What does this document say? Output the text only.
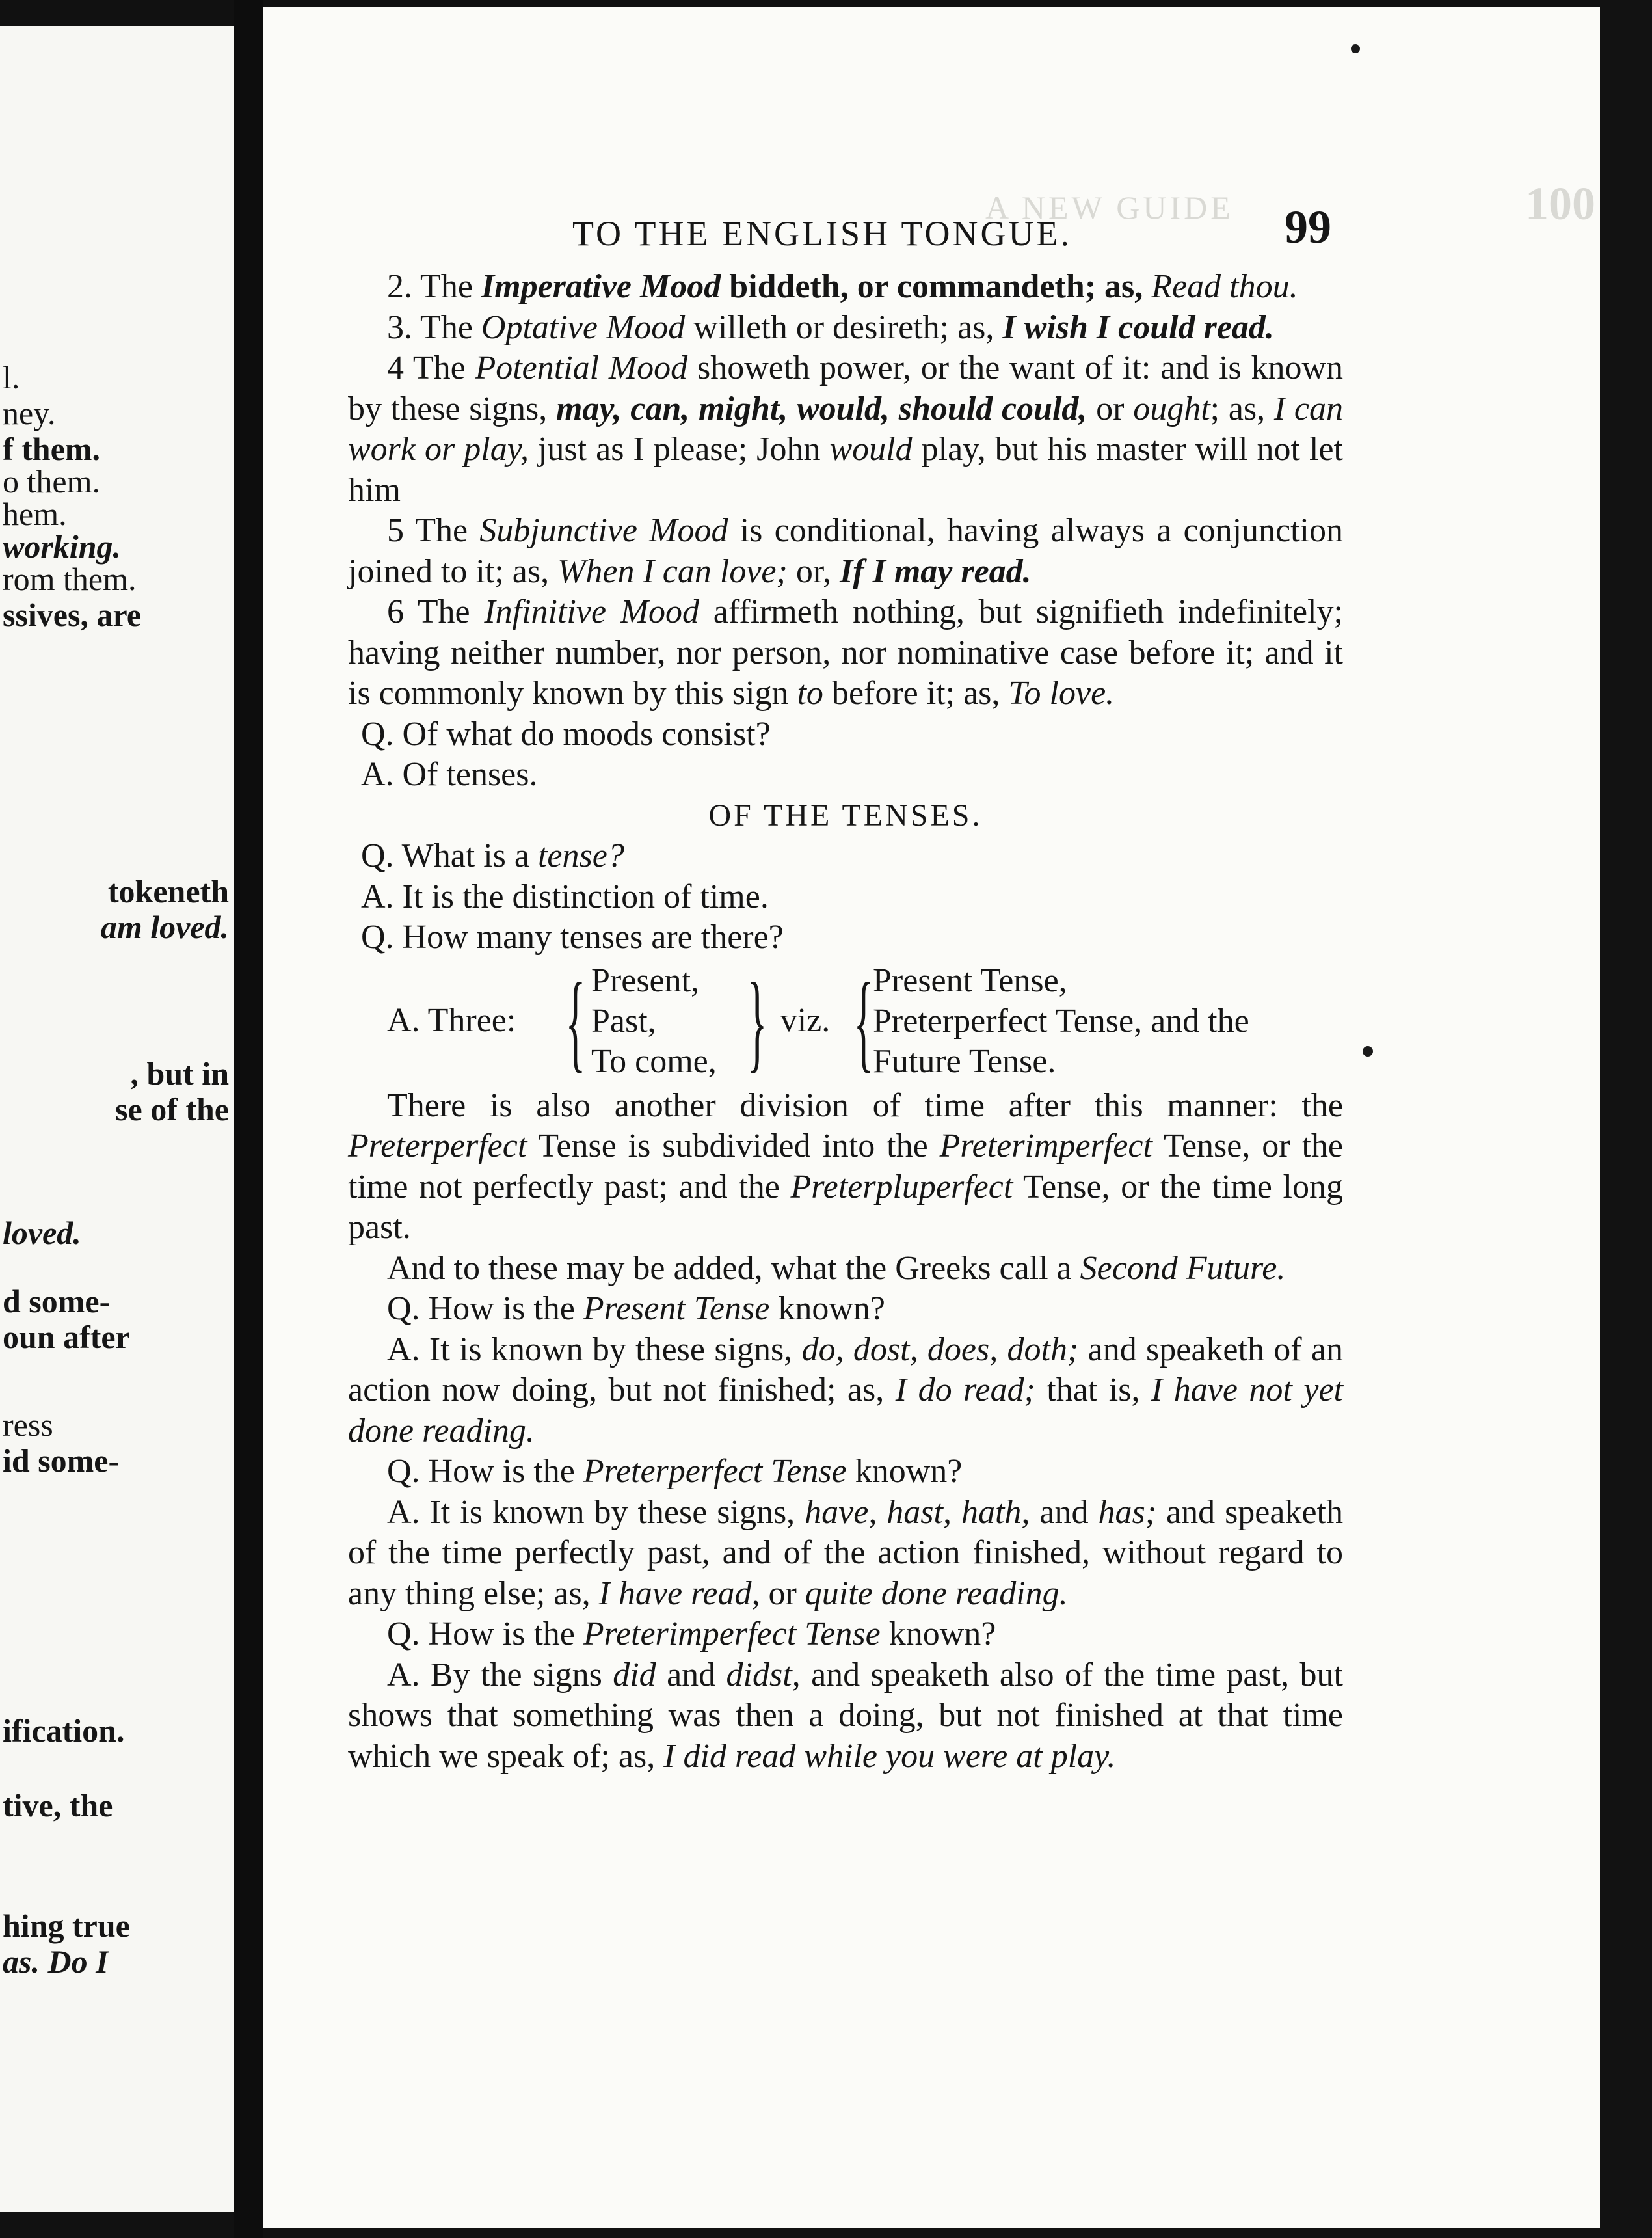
l.
ney.
f them.
o them.
hem.
working.
rom them.
ssives, are
tokeneth
am loved.
, but in
se of the
loved.
d some-
oun after
ress
id some-
ification.
tive, the
hing true
as. Do I
A NEW GUIDE	100
TO THE ENGLISH TONGUE.	99

2. The Imperative Mood biddeth, or commandeth; as, Read thou.

3. The Optative Mood willeth or desireth; as, I wish I could read.

4 The Potential Mood showeth power, or the want of it: and is known by these signs, may, can, might, would, should could, or ought; as, I can work or play, just as I please; John would play, but his master will not let him

5 The Subjunctive Mood is conditional, having always a conjunction joined to it; as, When I can love; or, If I may read.

6 The Infinitive Mood affirmeth nothing, but signifieth indefinitely; having neither number, nor person, nor nominative case before it; and it is commonly known by this sign to before it; as, To love.

Q. Of what do moods consist?

A. Of tenses.

OF THE TENSES.

Q. What is a tense?

A. It is the distinction of time.

Q. How many tenses are there?

A. Three: { Present,
Past,
To come, } viz. {
Present Tense,
Preterperfect Tense, and the
Future Tense.

There is also another division of time after this manner: the Preterperfect Tense is subdivided into the Preterimperfect Tense, or the time not perfectly past; and the Preterpluperfect Tense, or the time long past.

And to these may be added, what the Greeks call a Second Future.

Q. How is the Present Tense known?

A. It is known by these signs, do, dost, does, doth; and speaketh of an action now doing, but not finished; as, I do read; that is, I have not yet done reading.

Q. How is the Preterperfect Tense known?

A. It is known by these signs, have, hast, hath, and has; and speaketh of the time perfectly past, and of the action finished, without regard to any thing else; as, I have read, or quite done reading.

Q. How is the Preterimperfect Tense known?

A. By the signs did and didst, and speaketh also of the time past, but shows that something was then a doing, but not finished at that time which we speak of; as, I did read while you were at play.
